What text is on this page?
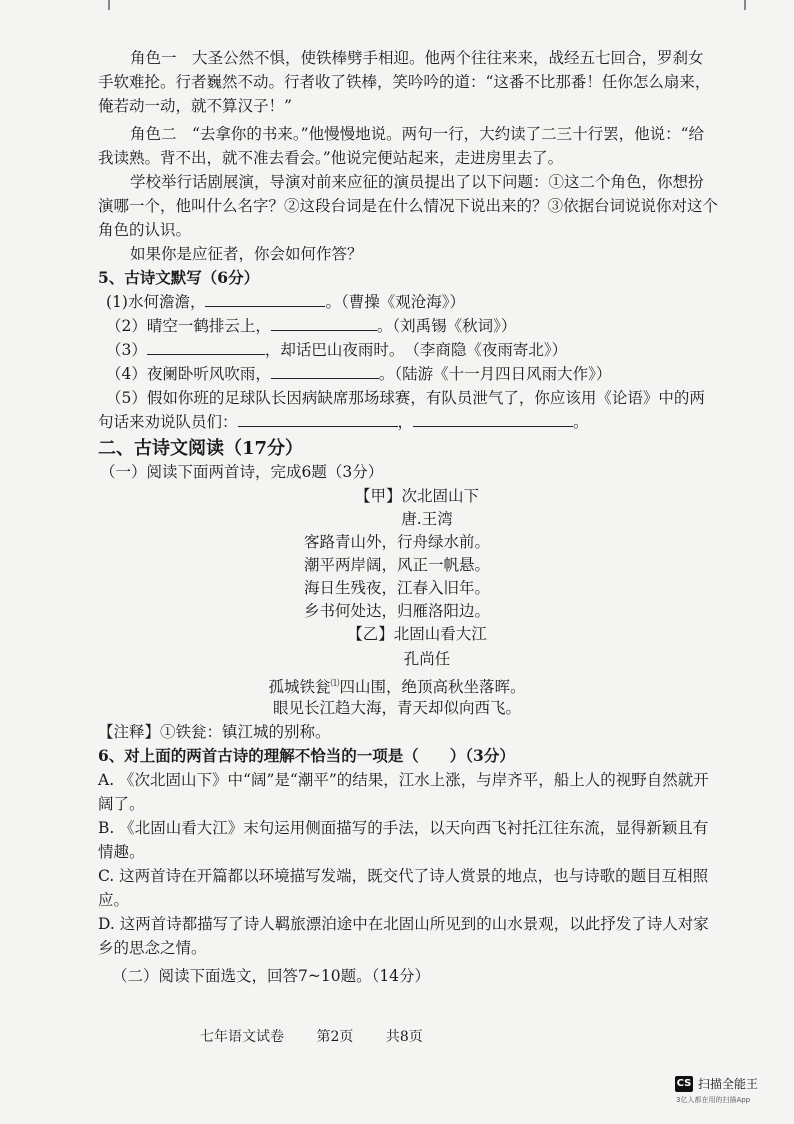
角色一　大圣公然不惧，使铁棒劈手相迎。他两个往往来来，战经五七回合，罗刹女手软难抡。行者巍然不动。行者收了铁棒，笑吟吟的道：“这番不比那番！任你怎么扇来，俺若动一动，就不算汉子！”

角色二　“去拿你的书来。”他慢慢地说。两句一行，大约读了二三十行罢，他说：“给我读熟。背不出，就不准去看会。”他说完便站起来，走进房里去了。

学校举行话剧展演，导演对前来应征的演员提出了以下问题：①这二个角色，你想扮演哪一个，他叫什么名字？②这段台词是在什么情况下说出来的？③依据台词说说你对这个角色的认识。

如果你是应征者，你会如何作答？

5、古诗文默写（6分）
(1)水何澹澹，	。（曹操《观沧海》）
（2）晴空一鹤排云上，	。（刘禹锡《秋词》）
（3）	，却话巴山夜雨时。　（李商隐《夜雨寄北》）
（4）夜阑卧听风吹雨，	。（陆游《十一月四日风雨大作》）
（5）假如你班的足球队长因病缺席那场球赛，有队员泄气了，你应该用《论语》中的两
句话来劝说队员们：	，	。
二、古诗文阅读（17分）
（一）阅读下面两首诗，完成6题（3分）
【甲】次北固山下
唐.王湾
客路青山外，行舟绿水前。
潮平两岸阔，风正一帆悬。
海日生残夜，江春入旧年。
乡书何处达，归雁洛阳边。
【乙】北固山看大江
孔尚任
孤城铁瓮⑴四山围，绝顶高秋坐落晖。
眼见长江趋大海，青天却似向西飞。
【注释】①铁瓮：镇江城的别称。
6、对上面的两首古诗的理解不恰当的一项是（　　）（3分）

A. 《次北固山下》中“阔”是“潮平”的结果，江水上涨，与岸齐平，船上人的视野自然就开阔了。

B. 《北固山看大江》末句运用侧面描写的手法，以天向西飞衬托江往东流，显得新颖且有情趣。

C. 这两首诗在开篇都以环境描写发端，既交代了诗人赏景的地点，也与诗歌的题目互相照应。

D. 这两首诗都描写了诗人羁旅漂泊途中在北固山所见到的山水景观，以此抒发了诗人对家乡的思念之情。

（二）阅读下面选文，回答7~10题。（14分）
七年语文试卷 第2页 共8页
CS 扫描全能王
3亿人都在用的扫描App
